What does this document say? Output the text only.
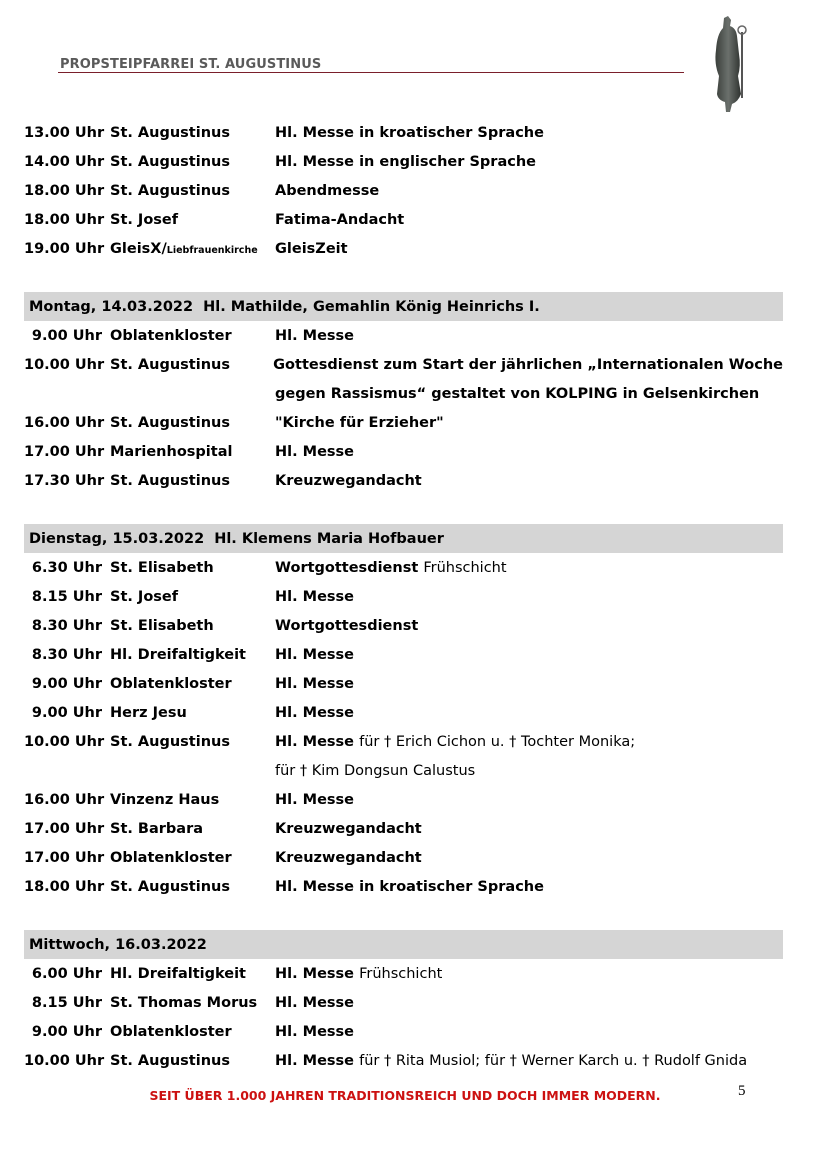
PROPSTEIPFARREI ST. AUGUSTINUS
13.00 Uhr St. Augustinus	Hl. Messe in kroatischer Sprache
14.00 Uhr St. Augustinus	Hl. Messe in englischer Sprache
18.00 Uhr St. Augustinus	Abendmesse
18.00 Uhr St. Josef	Fatima-Andacht
19.00 Uhr GleisX/Liebfrauenkirche	GleisZeit
Montag, 14.03.2022 Hl. Mathilde, Gemahlin König Heinrichs I.
9.00 Uhr Oblatenkloster	Hl. Messe
10.00 Uhr St. Augustinus	Gottesdienst zum Start der jährlichen „Internationalen Woche
gegen Rassismus“ gestaltet von KOLPING in Gelsenkirchen
16.00 Uhr St. Augustinus	"Kirche für Erzieher"
17.00 Uhr Marienhospital	Hl. Messe
17.30 Uhr St. Augustinus	Kreuzwegandacht
Dienstag, 15.03.2022 Hl. Klemens Maria Hofbauer
6.30 Uhr St. Elisabeth	Wortgottesdienst Frühschicht
8.15 Uhr St. Josef	Hl. Messe
8.30 Uhr St. Elisabeth	Wortgottesdienst
8.30 Uhr Hl. Dreifaltigkeit	Hl. Messe
9.00 Uhr Oblatenkloster	Hl. Messe
9.00 Uhr Herz Jesu	Hl. Messe
10.00 Uhr St. Augustinus	Hl. Messe für † Erich Cichon u. † Tochter Monika;
für † Kim Dongsun Calustus
16.00 Uhr Vinzenz Haus	Hl. Messe
17.00 Uhr St. Barbara	Kreuzwegandacht
17.00 Uhr Oblatenkloster	Kreuzwegandacht
18.00 Uhr St. Augustinus	Hl. Messe in kroatischer Sprache
Mittwoch, 16.03.2022
6.00 Uhr Hl. Dreifaltigkeit	Hl. Messe Frühschicht
8.15 Uhr St. Thomas Morus	Hl. Messe
9.00 Uhr Oblatenkloster	Hl. Messe
10.00 Uhr St. Augustinus	Hl. Messe für † Rita Musiol; für † Werner Karch u. † Rudolf Gnida
SEIT ÜBER 1.000 JAHREN TRADITIONSREICH UND DOCH IMMER MODERN.	5
